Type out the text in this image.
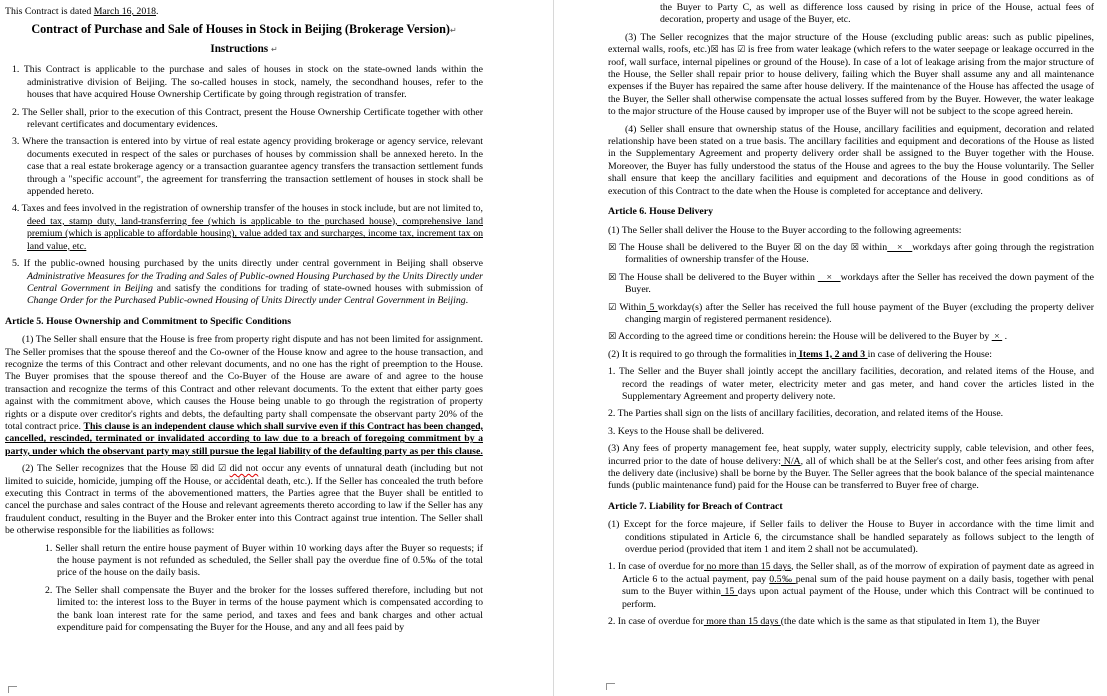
This Contract is dated March 16, 2018.

Contract of Purchase and Sale of Houses in Stock in Beijing (Brokerage Version)↵
Instructions ↵
1. This Contract is applicable to the purchase and sales of houses in stock on the state-owned lands within the administrative division of Beijing. The so-called houses in stock, namely, the secondhand houses, refer to the houses that have acquired House Ownership Certificate by going through registration of transfer.
2. The Seller shall, prior to the execution of this Contract, present the House Ownership Certificate together with other relevant certificates and documentary evidences.
3. Where the transaction is entered into by virtue of real estate agency providing brokerage or agency service, relevant documents executed in respect of the sales or purchases of houses by commission shall be annexed hereto. In the case that a real estate brokerage agency or a transaction guarantee agency transfers the transaction settlement funds through a "specific account", the agreement for transferring the transaction settlement of houses in stock shall be appended hereto.
4. Taxes and fees involved in the registration of ownership transfer of the houses in stock include, but are not limited to, deed tax, stamp duty, land-transferring fee (which is applicable to the purchased house), comprehensive land premium (which is applicable to affordable housing), value added tax and surcharges, income tax, increment tax on land value, etc.
5. If the public-owned housing purchased by the units directly under central government in Beijing shall observe Administrative Measures for the Trading and Sales of Public-owned Housing Purchased by the Units Directly under Central Government in Beijing and satisfy the conditions for trading of state-owned houses with submission of Change Order for the Purchased Public-owned Housing of Units Directly under Central Government in Beijing.
Article 5. House Ownership and Commitment to Specific Conditions

(1) The Seller shall ensure that the House is free from property right dispute and has not been limited for assignment. The Seller promises that the spouse thereof and the Co-owner of the House know and agree to the house transaction, and recognize the terms of this Contract and other relevant documents, and no one has the right of preemption to the House. The Buyer promises that the spouse thereof and the Co-Buyer of the House are aware of and agree to the house transaction and recognize the terms of this Contract and other relevant documents. To the extent that either party goes against with the commitment above, which causes the House being unable to go through the registration of property rights or a dispute over creditor's rights and debts, the defaulting party shall compensate the observant party 20% of the total contract price. This clause is an independent clause which shall survive even if this Contract has been changed, cancelled, rescinded, terminated or invalidated according to law due to a breach of foregoing commitment by a party, under which the observant party may still pursue the legal liability of the defaulting party as per this clause.

(2) The Seller recognizes that the House ☒ did ☑ did not occur any events of unnatural death (including but not limited to suicide, homicide, jumping off the House, or accidental death, etc.). If the Seller has concealed the truth before executing this Contract in terms of the abovementioned matters, the Parties agree that the Buyer shall be entitled to cancel the purchase and sales contract of the House and relevant agreements thereto according to law if the Seller has any fraudulent conduct, resulting in the Buyer and the Broker enter into this Contract against true intention. The Seller shall be otherwise responsible for the liabilities as follows:

1. Seller shall return the entire house payment of Buyer within 10 working days after the Buyer so requests; if the house payment is not refunded as scheduled, the Seller shall pay the overdue fine of 0.5‰ of the total price of the house on the daily basis.
2. The Seller shall compensate the Buyer and the broker for the losses suffered therefore, including but not limited to: the interest loss to the Buyer in terms of the house payment which is compensated according to the bank loan interest rate for the same period, and taxes and fees and bank charges and other actual expenditure paid for compensating the Buyer for the House, and any and all fees paid by

the Buyer to Party C, as well as difference loss caused by rising in price of the House, actual fees of decoration, property and usage of the Buyer, etc.

(3) The Seller recognizes that the major structure of the House (excluding public areas: such as public pipelines, external walls, roofs, etc.)☒ has ☑ is free from water leakage (which refers to the water seepage or leakage occurred in the roof, wall surface, internal pipelines or ground of the House). In case of a lot of leakage arising from the major structure of the House, the Seller shall repair prior to house delivery, failing which the Buyer shall assume any and all maintenance expenses if the Buyer has repaired the same after house delivery. If the maintenance of the House has affected the usage of the Buyer, the Seller shall otherwise compensate the actual losses suffered from by the Buyer. However, the water leakage to the major structure of the House caused by improper use of the Buyer will not be subject to the scope agreed herein.

(4) Seller shall ensure that ownership status of the House, ancillary facilities and equipment, decoration and related relationship have been stated on a true basis. The ancillary facilities and equipment and decorations of the House as listed in the Supplementary Agreement and property delivery order shall be assigned to the Buyer together with the House. Moreover, the Buyer has fully understood the status of the House and agrees to the buy the House voluntarily. The Seller shall ensure that keep the ancillary facilities and equipment and decorations of the House in good conditions as of execution of this Contract to the date when the House is completed for acceptance and delivery.

Article 6. House Delivery

(1) The Seller shall deliver the House to the Buyer according to the following agreements:

☒ The House shall be delivered to the Buyer ☒ on the day ☒ within   ×   workdays after going through the registration formalities of ownership transfer of the House.
☒ The House shall be delivered to the Buyer within    ×   workdays after the Seller has received the down payment of the Buyer.
☑ Within 5 workday(s) after the Seller has received the full house payment of the Buyer (excluding the property deliver changing margin of registered permanent residence).
☒ According to the agreed time or conditions herein: the House will be delivered to the Buyer by  ×  .

(2) It is required to go through the formalities in Items 1, 2 and 3 in case of delivering the House:

1. The Seller and the Buyer shall jointly accept the ancillary facilities, decoration, and related items of the House, and record the readings of water meter, electricity meter and gas meter, and hand cover the articles listed in the Supplementary Agreement and property delivery note.
2. The Parties shall sign on the lists of ancillary facilities, decoration, and related items of the House.
3. Keys to the House shall be delivered.

(3) Any fees of property management fee, heat supply, water supply, electricity supply, cable television, and other fees, incurred prior to the date of house delivery: N/A, all of which shall be at the Seller's cost, and other fees arising from after the delivery date (inclusive) shall be borne by the Buyer. The Seller agrees that the book balance of the special maintenance funds (public maintenance fund) paid for the House can be transferred to Buyer free of charge.

Article 7. Liability for Breach of Contract

(1) Except for the force majeure, if Seller fails to deliver the House to Buyer in accordance with the time limit and conditions stipulated in Article 6, the circumstance shall be handled separately as follows subject to the length of overdue period (provided that item 1 and item 2 shall not be accumulated).

1. In case of overdue for no more than 15 days, the Seller shall, as of the morrow of expiration of payment date as agreed in Article 6 to the actual payment, pay 0.5‰ penal sum of the paid house payment on a daily basis, together with penal sum to the Buyer within 15 days upon actual payment of the House, under which this Contract will be continued to perform.
2. In case of overdue for more than 15 days (the date which is the same as that stipulated in Item 1), the Buyer
